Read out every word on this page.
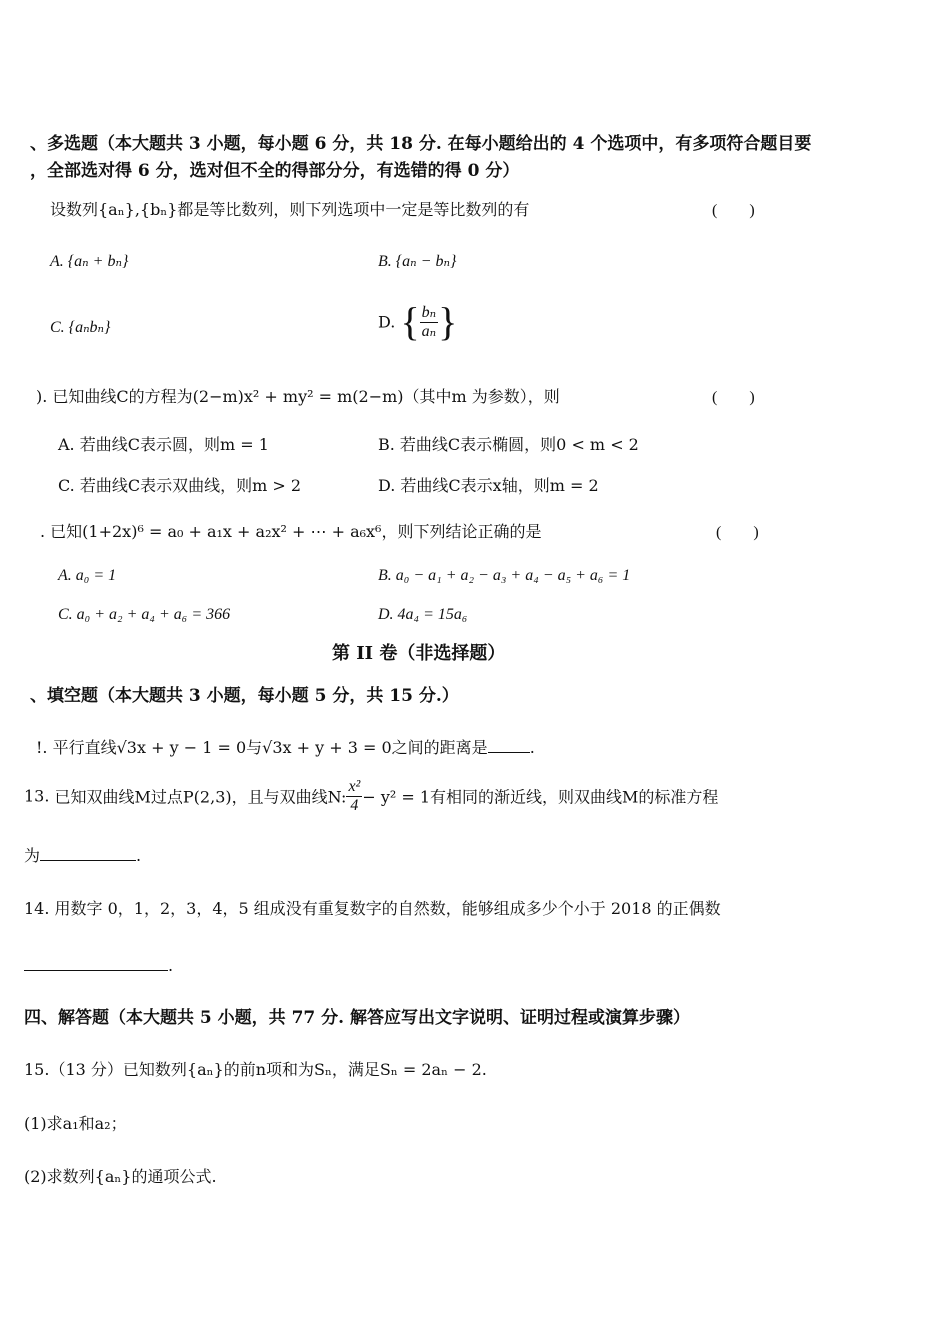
、多选题（本大题共 3 小题，每小题 6 分，共 18 分. 在每小题给出的 4 个选项中，有多项符合题目要
，全部选对得 6 分，选对但不全的得部分分，有选错的得 0 分）
设数列{aₙ},{bₙ}都是等比数列，则下列选项中一定是等比数列的有	(　　)
A. {aₙ + bₙ}	B. {aₙ − bₙ}
C. {aₙbₙ}	D. { $\frac{\text{bₙ}}{\text{aₙ}}$ }
). 已知曲线C的方程为(2−m)x² + my² = m(2−m)（其中m 为参数），则	(　　)
A. 若曲线C表示圆，则m = 1	B. 若曲线C表示椭圆，则0 < m < 2
C. 若曲线C表示双曲线，则m > 2	D. 若曲线C表示x轴，则m = 2
. 已知(1+2x)⁶ = a₀ + a₁x + a₂x² + ⋯ + a₆x⁶，则下列结论正确的是	(　　)
A. a₀ = 1	B. a₀ − a₁ + a₂ − a₃ + a₄ − a₅ + a₆ = 1
C. a₀ + a₂ + a₄ + a₆ = 366	D. 4a₄ = 15a₆
第 II 卷（非选择题）
、填空题（本大题共 3 小题，每小题 5 分，共 15 分.）
!. 平行直线√3x + y − 1 = 0与√3x + y + 3 = 0之间的距离是	.
13. 已知双曲线M过点P(2,3)，且与双曲线N: $\frac{\text{x²}}{4} - y^2 = 1$有相同的渐近线，则双曲线M的标准方程
为	.
14. 用数字 0，1，2，3，4，5 组成没有重复数字的自然数，能够组成多少个小于 2018 的正偶数
.
四、解答题（本大题共 5 小题，共 77 分. 解答应写出文字说明、证明过程或演算步骤）
15.（13 分）已知数列{aₙ}的前n项和为Sₙ，满足Sₙ = 2aₙ − 2.
(1)求a₁和a₂；
(2)求数列{aₙ}的通项公式.
